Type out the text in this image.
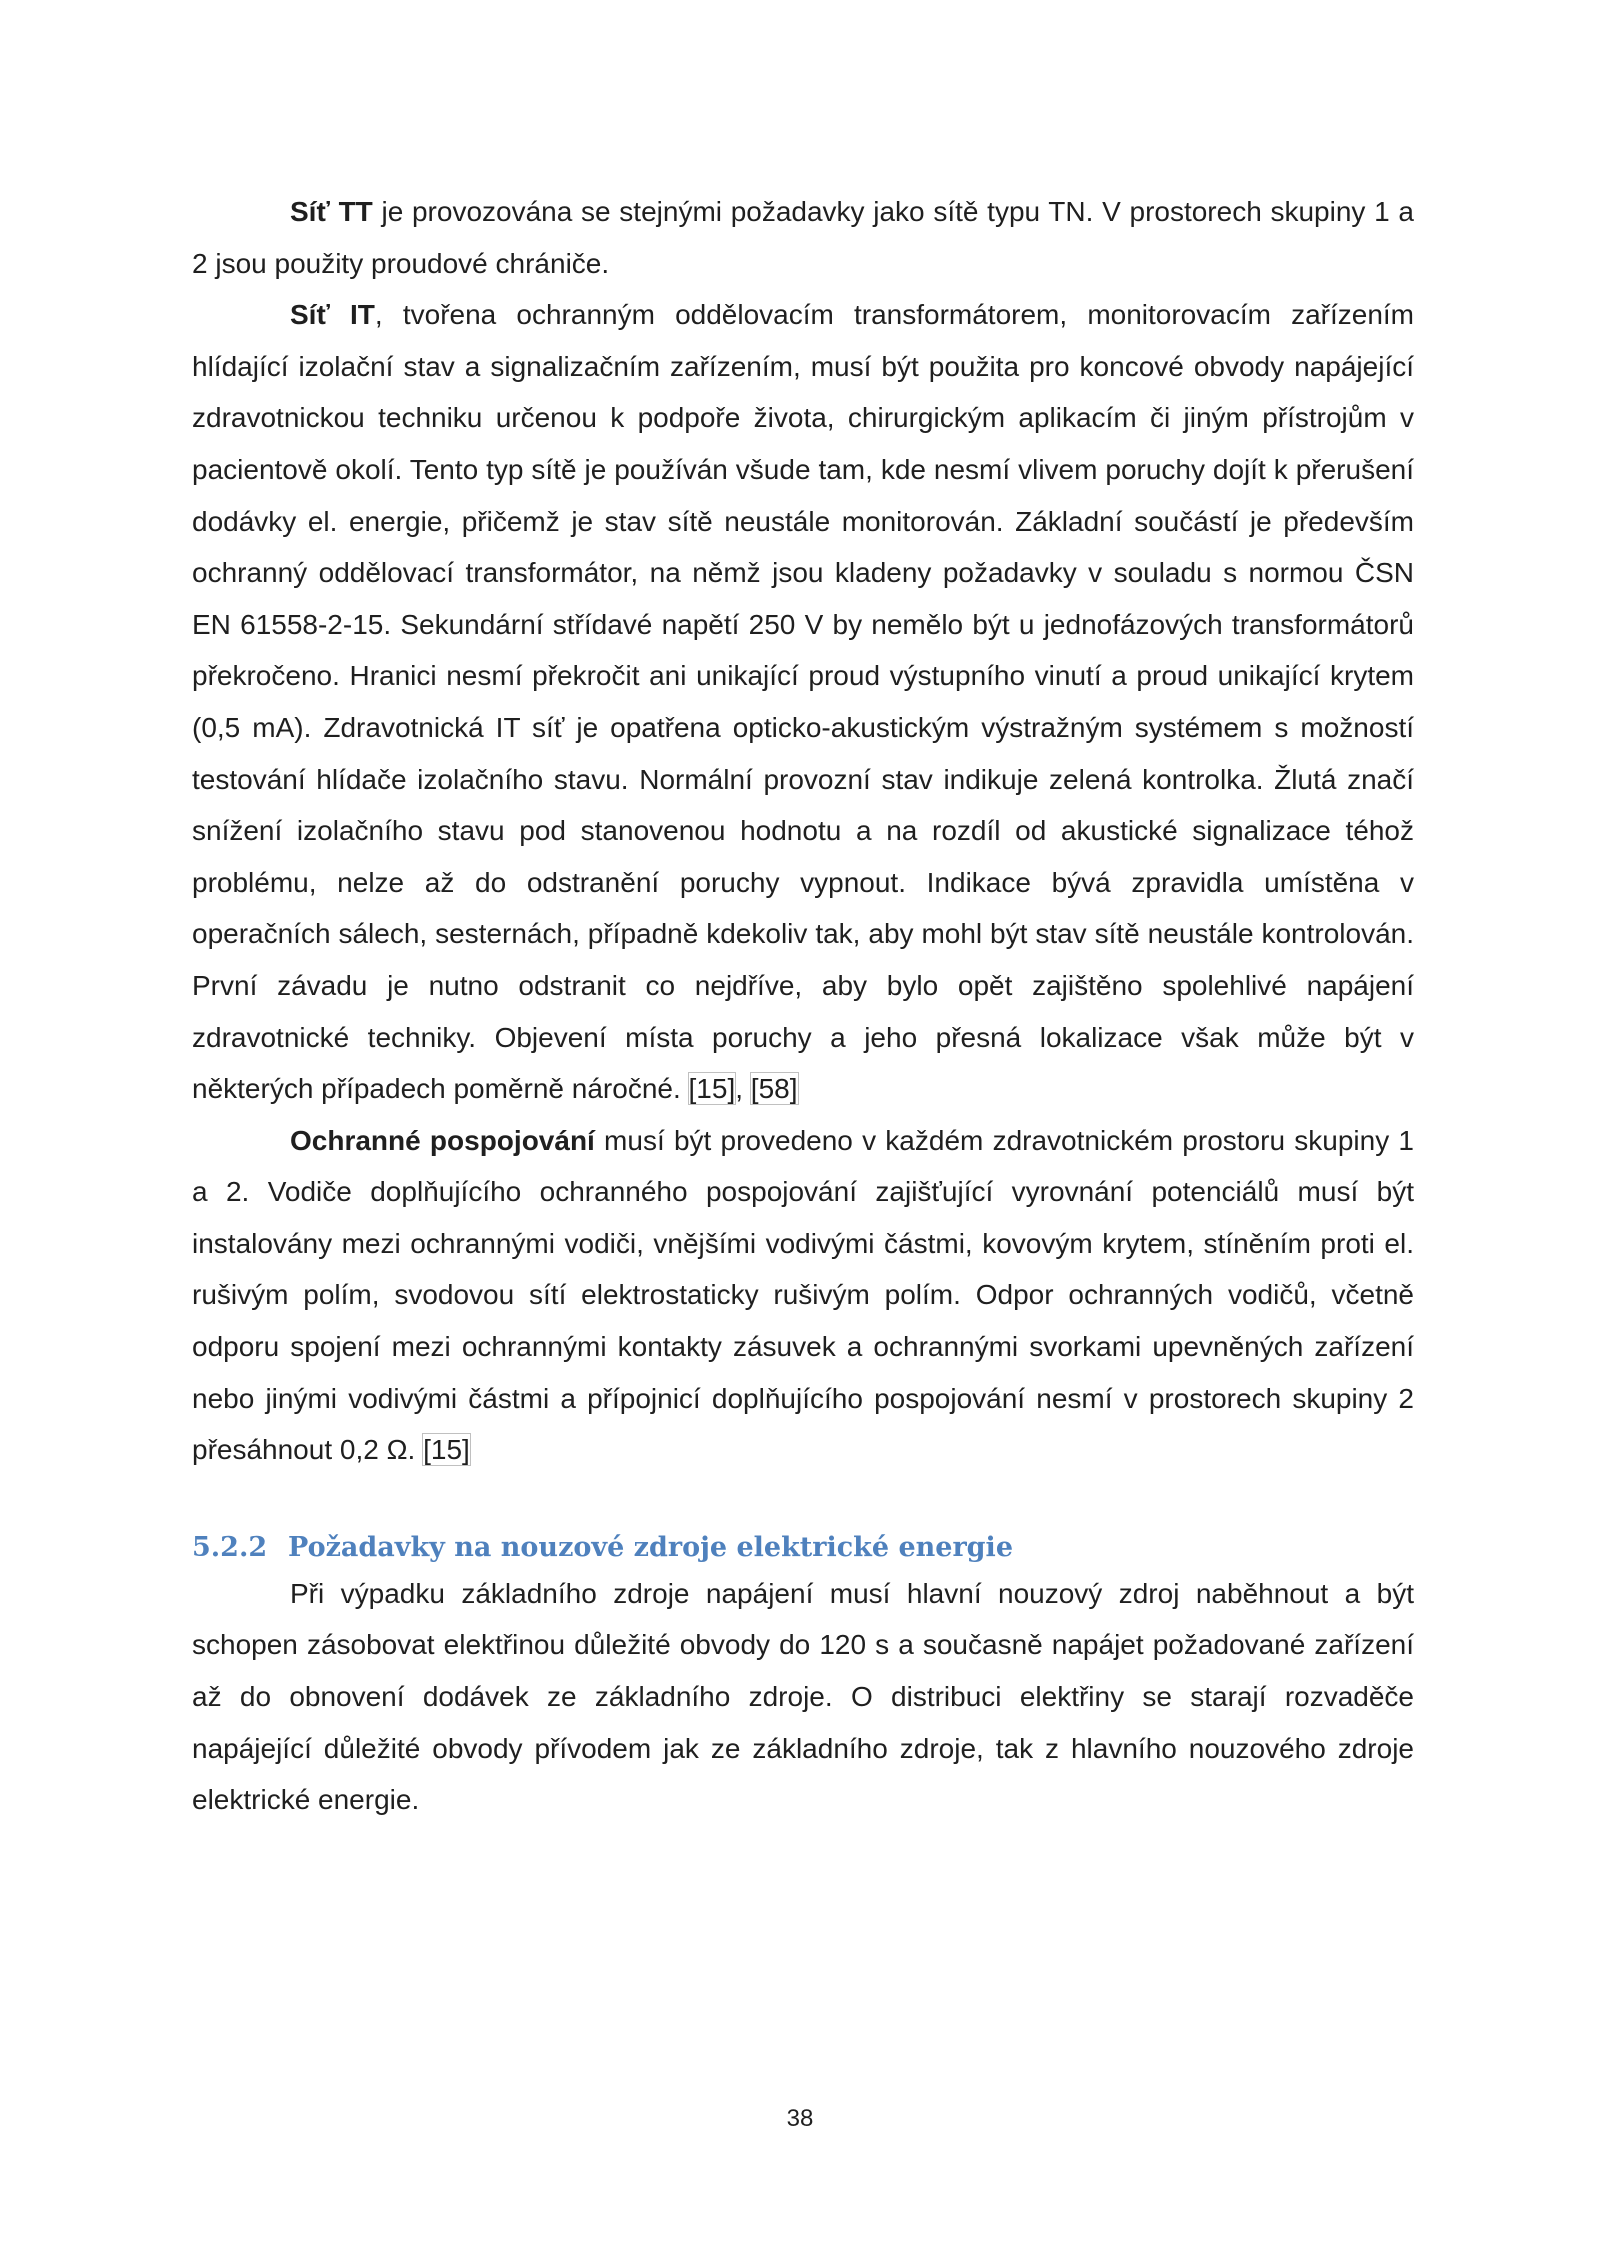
Síť TT je provozována se stejnými požadavky jako sítě typu TN. V prostorech skupiny 1 a 2 jsou použity proudové chrániče.

Síť IT, tvořena ochranným oddělovacím transformátorem, monitorovacím zařízením hlídající izolační stav a signalizačním zařízením, musí být použita pro koncové obvody napájející zdravotnickou techniku určenou k podpoře života, chirurgickým aplikacím či jiným přístrojům v pacientově okolí. Tento typ sítě je používán všude tam, kde nesmí vlivem poruchy dojít k přerušení dodávky el. energie, přičemž je stav sítě neustále monitorován. Základní součástí je především ochranný oddělovací transformátor, na němž jsou kladeny požadavky v souladu s normou ČSN EN 61558-2-15. Sekundární střídavé napětí 250 V by nemělo být u jednofázových transformátorů překročeno. Hranici nesmí překročit ani unikající proud výstupního vinutí a proud unikající krytem (0,5 mA). Zdravotnická IT síť je opatřena opticko-akustickým výstražným systémem s možností testování hlídače izolačního stavu. Normální provozní stav indikuje zelená kontrolka. Žlutá značí snížení izolačního stavu pod stanovenou hodnotu a na rozdíl od akustické signalizace téhož problému, nelze až do odstranění poruchy vypnout. Indikace bývá zpravidla umístěna v operačních sálech, sesternách, případně kdekoliv tak, aby mohl být stav sítě neustále kontrolován. První závadu je nutno odstranit co nejdříve, aby bylo opět zajištěno spolehlivé napájení zdravotnické techniky. Objevení místa poruchy a jeho přesná lokalizace však může být v některých případech poměrně náročné. [15], [58]

Ochranné pospojování musí být provedeno v každém zdravotnickém prostoru skupiny 1 a 2. Vodiče doplňujícího ochranného pospojování zajišťující vyrovnání potenciálů musí být instalovány mezi ochrannými vodiči, vnějšími vodivými částmi, kovovým krytem, stíněním proti el. rušivým polím, svodovou sítí elektrostaticky rušivým polím. Odpor ochranných vodičů, včetně odporu spojení mezi ochrannými kontakty zásuvek a ochrannými svorkami upevněných zařízení nebo jinými vodivými částmi a přípojnicí doplňujícího pospojování nesmí v prostorech skupiny 2 přesáhnout 0,2 Ω. [15]

5.2.2 Požadavky na nouzové zdroje elektrické energie

Při výpadku základního zdroje napájení musí hlavní nouzový zdroj naběhnout a být schopen zásobovat elektřinou důležité obvody do 120 s a současně napájet požadované zařízení až do obnovení dodávek ze základního zdroje. O distribuci elektřiny se starají rozvaděče napájející důležité obvody přívodem jak ze základního zdroje, tak z hlavního nouzového zdroje elektrické energie.

38
